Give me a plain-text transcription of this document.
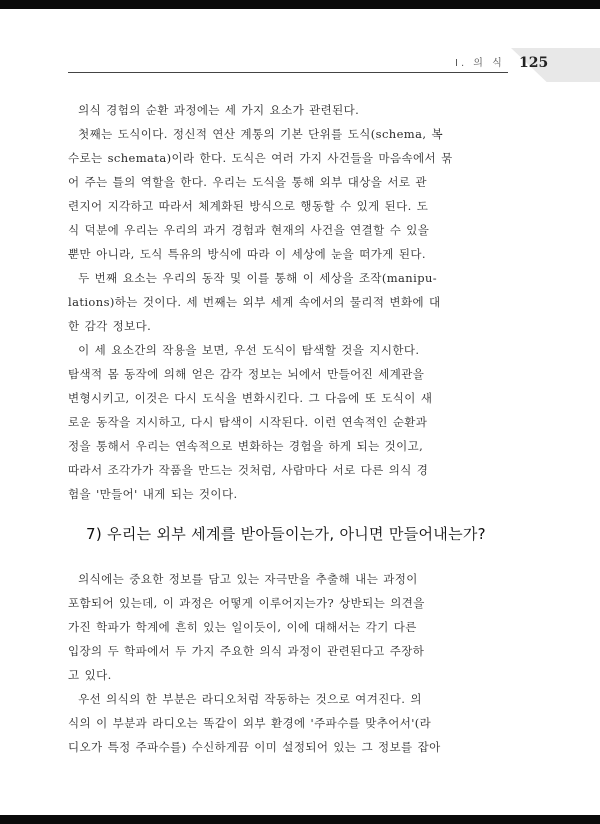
I. 의 식 125
의식 경험의 순환 과정에는 세 가지 요소가 관련된다.
첫째는 도식이다. 정신적 연산 계통의 기본 단위를 도식(schema, 복
수로는 schemata)이라 한다. 도식은 여러 가지 사건들을 마음속에서 묶
어 주는 틀의 역할을 한다. 우리는 도식을 통해 외부 대상을 서로 관
련지어 지각하고 따라서 체계화된 방식으로 행동할 수 있게 된다. 도
식 덕분에 우리는 우리의 과거 경험과 현재의 사건을 연결할 수 있을
뿐만 아니라, 도식 특유의 방식에 따라 이 세상에 눈을 떠가게 된다.
두 번째 요소는 우리의 동작 및 이를 통해 이 세상을 조작(manipu-
lations)하는 것이다. 세 번째는 외부 세계 속에서의 물리적 변화에 대
한 감각 정보다.
이 세 요소간의 작용을 보면, 우선 도식이 탐색할 것을 지시한다.
탐색적 몸 동작에 의해 얻은 감각 정보는 뇌에서 만들어진 세계관을
변형시키고, 이것은 다시 도식을 변화시킨다. 그 다음에 또 도식이 새
로운 동작을 지시하고, 다시 탐색이 시작된다. 이런 연속적인 순환과
정을 통해서 우리는 연속적으로 변화하는 경험을 하게 되는 것이고,
따라서 조각가가 작품을 만드는 것처럼, 사람마다 서로 다른 의식 경
험을 '만들어' 내게 되는 것이다.
7) 우리는 외부 세계를 받아들이는가, 아니면 만들어내는가?
의식에는 중요한 정보를 담고 있는 자극만을 추출해 내는 과정이
포함되어 있는데, 이 과정은 어떻게 이루어지는가? 상반되는 의견을
가진 학파가 학계에 흔히 있는 일이듯이, 이에 대해서는 각기 다른
입장의 두 학파에서 두 가지 주요한 의식 과정이 관련된다고 주장하
고 있다.
우선 의식의 한 부분은 라디오처럼 작동하는 것으로 여겨진다. 의
식의 이 부분과 라디오는 똑같이 외부 환경에 '주파수를 맞추어서'(라
디오가 특정 주파수를) 수신하게끔 이미 설정되어 있는 그 정보를 잡아
